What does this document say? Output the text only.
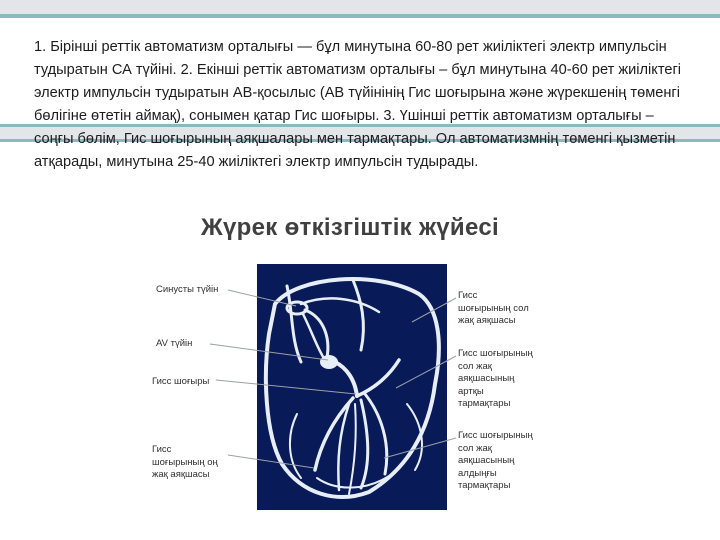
1. Бірінші реттік автоматизм орталығы — бұл минутына 60-80 рет жиіліктегі электр импульсін тудыратын СА түйіні. 2. Екінші реттік автоматизм орталығы – бұл минутына 40-60 рет жиіліктегі электр импульсін тудыратын АВ-қосылыс (АВ түйінінің Гис шоғырына және жүрекшенің төменгі бөлігіне өтетін аймақ), сонымен қатар Гис шоғыры. 3. Үшінші реттік автоматизм орталығы – соңғы бөлім, Гис шоғырының аяқшалары мен тармақтары. Ол автоматизмнің төменгі қызметін атқарады, минутына 25-40 жиіліктегі электр импульсін тудырады.

Жүрек өткізгіштік жүйесі
Синусты түйін
AV түйін
Гисс шоғыры
Гисс
шоғырының оң
жақ аяқшасы
Гисс
шоғырының сол
жақ аяқшасы
Гисс шоғырының
сол жақ
аяқшасының
артқы
тармақтары
Гисс шоғырының
сол жақ
аяқшасының
алдыңғы
тармақтары
